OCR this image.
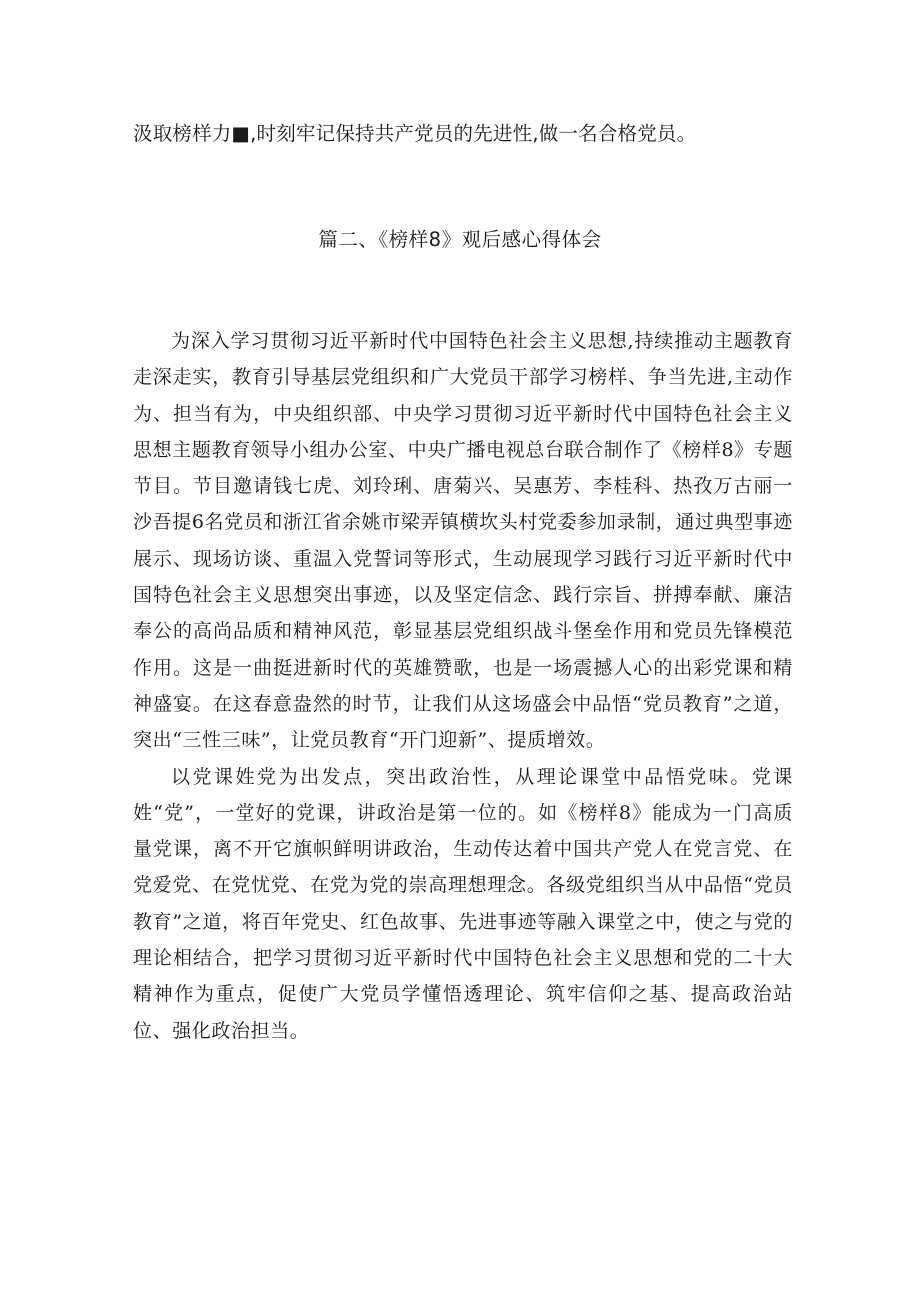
汲取榜样力■,时刻牢记保持共产党员的先进性,做一名合格党员。
篇二、《榜样8》观后感心得体会

为深入学习贯彻习近平新时代中国特色社会主义思想,持续推动主题教育走深走实，教育引导基层党组织和广大党员干部学习榜样、争当先进,主动作为、担当有为，中央组织部、中央学习贯彻习近平新时代中国特色社会主义思想主题教育领导小组办公室、中央广播电视总台联合制作了《榜样8》专题节目。节目邀请钱七虎、刘玲琍、唐菊兴、吴惠芳、李桂科、热孜万古丽一沙吾提6名党员和浙江省余姚市梁弄镇横坎头村党委参加录制，通过典型事迹展示、现场访谈、重温入党誓词等形式，生动展现学习践行习近平新时代中国特色社会主义思想突出事迹，以及坚定信念、践行宗旨、拼搏奉献、廉洁奉公的高尚品质和精神风范，彰显基层党组织战斗堡垒作用和党员先锋模范作用。这是一曲挺进新时代的英雄赞歌，也是一场震撼人心的出彩党课和精神盛宴。在这春意盎然的时节，让我们从这场盛会中品悟“党员教育”之道，突出“三性三味”，让党员教育“开门迎新”、提质增效。

以党课姓党为出发点，突出政治性，从理论课堂中品悟党味。党课姓“党”，一堂好的党课，讲政治是第一位的。如《榜样8》能成为一门高质量党课，离不开它旗帜鲜明讲政治，生动传达着中国共产党人在党言党、在党爱党、在党忧党、在党为党的崇高理想理念。各级党组织当从中品悟“党员教育”之道，将百年党史、红色故事、先进事迹等融入课堂之中，使之与党的理论相结合，把学习贯彻习近平新时代中国特色社会主义思想和党的二十大精神作为重点，促使广大党员学懂悟透理论、筑牢信仰之基、提高政治站位、强化政治担当。
